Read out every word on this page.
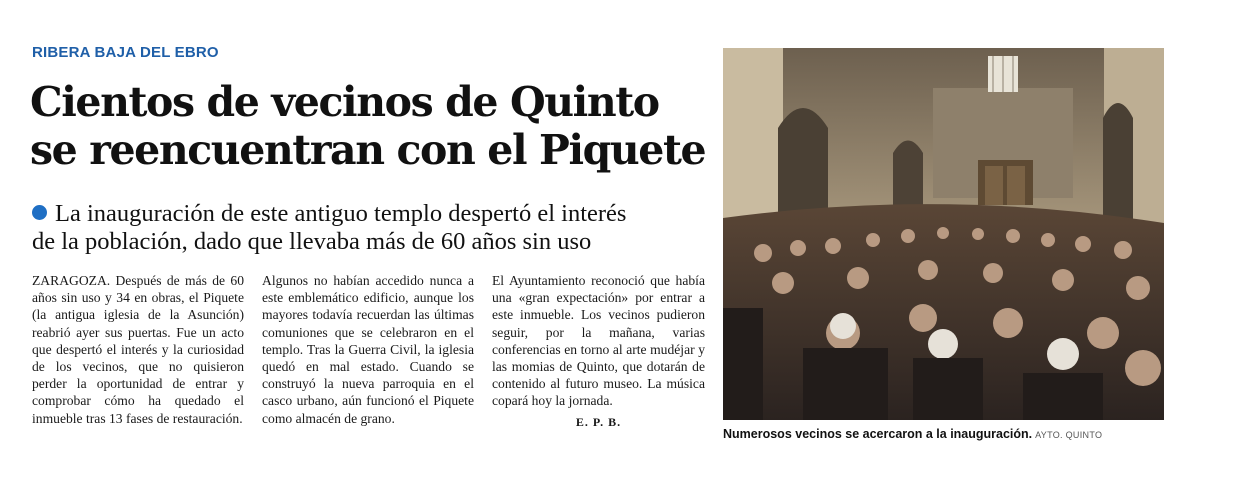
RIBERA BAJA DEL EBRO
Cientos de vecinos de Quinto
se reencuentran con el Piquete
La inauguración de este antiguo templo despertó el interés
de la población, dado que llevaba más de 60 años sin uso

ZARAGOZA. Después de más de 60 años sin uso y 34 en obras, el Piquete (la antigua iglesia de la Asunción) reabrió ayer sus puertas. Fue un acto que despertó el interés y la curiosidad de los vecinos, que no quisieron perder la oportunidad de entrar y comprobar cómo ha quedado el inmueble tras 13 fases de restauración.

Algunos no habían accedido nunca a este emblemático edificio, aunque los mayores todavía recuerdan las últimas comuniones que se celebraron en el templo. Tras la Guerra Civil, la iglesia quedó en mal estado. Cuando se construyó la nueva parroquia en el casco urbano, aún funcionó el Piquete como almacén de grano.

El Ayuntamiento reconoció que había una «gran expectación» por entrar a este inmueble. Los vecinos pudieron seguir, por la mañana, varias conferencias en torno al arte mudéjar y las momias de Quinto, que dotarán de contenido al futuro museo. La música copará hoy la jornada.

E. P. B.
Numerosos vecinos se acercaron a la inauguración. AYTO. QUINTO
